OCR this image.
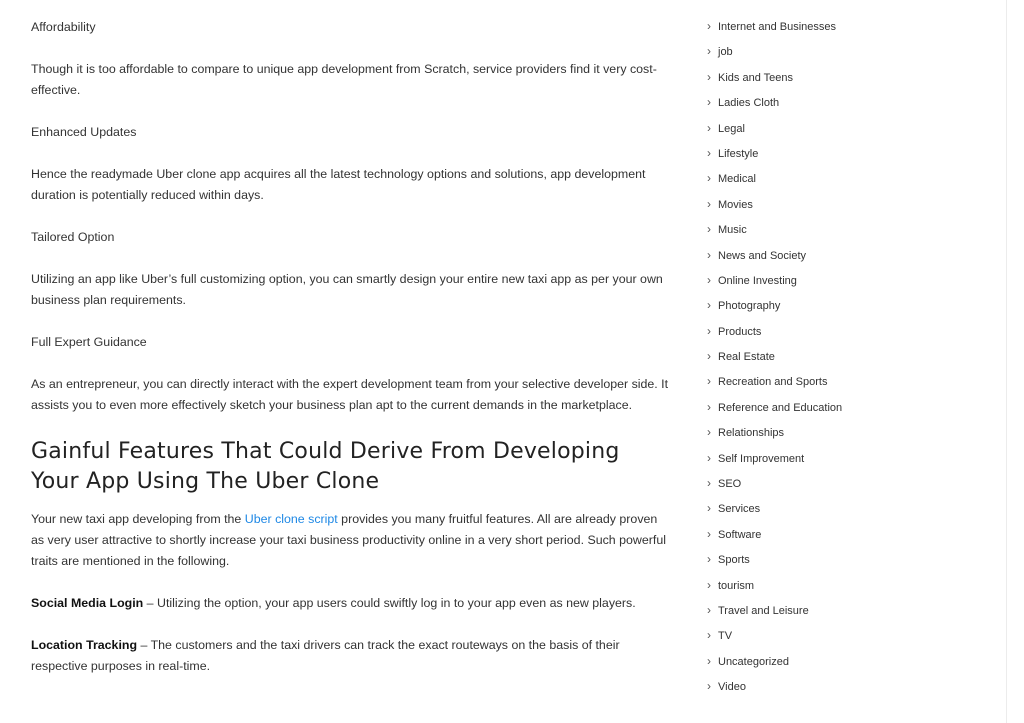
Affordability

Though it is too affordable to compare to unique app development from Scratch, service providers find it very cost-effective.

Enhanced Updates

Hence the readymade Uber clone app acquires all the latest technology options and solutions, app development duration is potentially reduced within days.

Tailored Option

Utilizing an app like Uber’s full customizing option, you can smartly design your entire new taxi app as per your own business plan requirements.

Full Expert Guidance

As an entrepreneur, you can directly interact with the expert development team from your selective developer side. It assists you to even more effectively sketch your business plan apt to the current demands in the marketplace.

Gainful Features That Could Derive From Developing Your App Using The Uber Clone

Your new taxi app developing from the Uber clone script provides you many fruitful features. All are already proven as very user attractive to shortly increase your taxi business productivity online in a very short period. Such powerful traits are mentioned in the following.

Social Media Login – Utilizing the option, your app users could swiftly log in to your app even as new players.

Location Tracking – The customers and the taxi drivers can track the exact routeways on the basis of their respective purposes in real-time.

› Internet and Businesses
› job
› Kids and Teens
› Ladies Cloth
› Legal
› Lifestyle
› Medical
› Movies
› Music
› News and Society
› Online Investing
› Photography
› Products
› Real Estate
› Recreation and Sports
› Reference and Education
› Relationships
› Self Improvement
› SEO
› Services
› Software
› Sports
› tourism
› Travel and Leisure
› TV
› Uncategorized
› Video
